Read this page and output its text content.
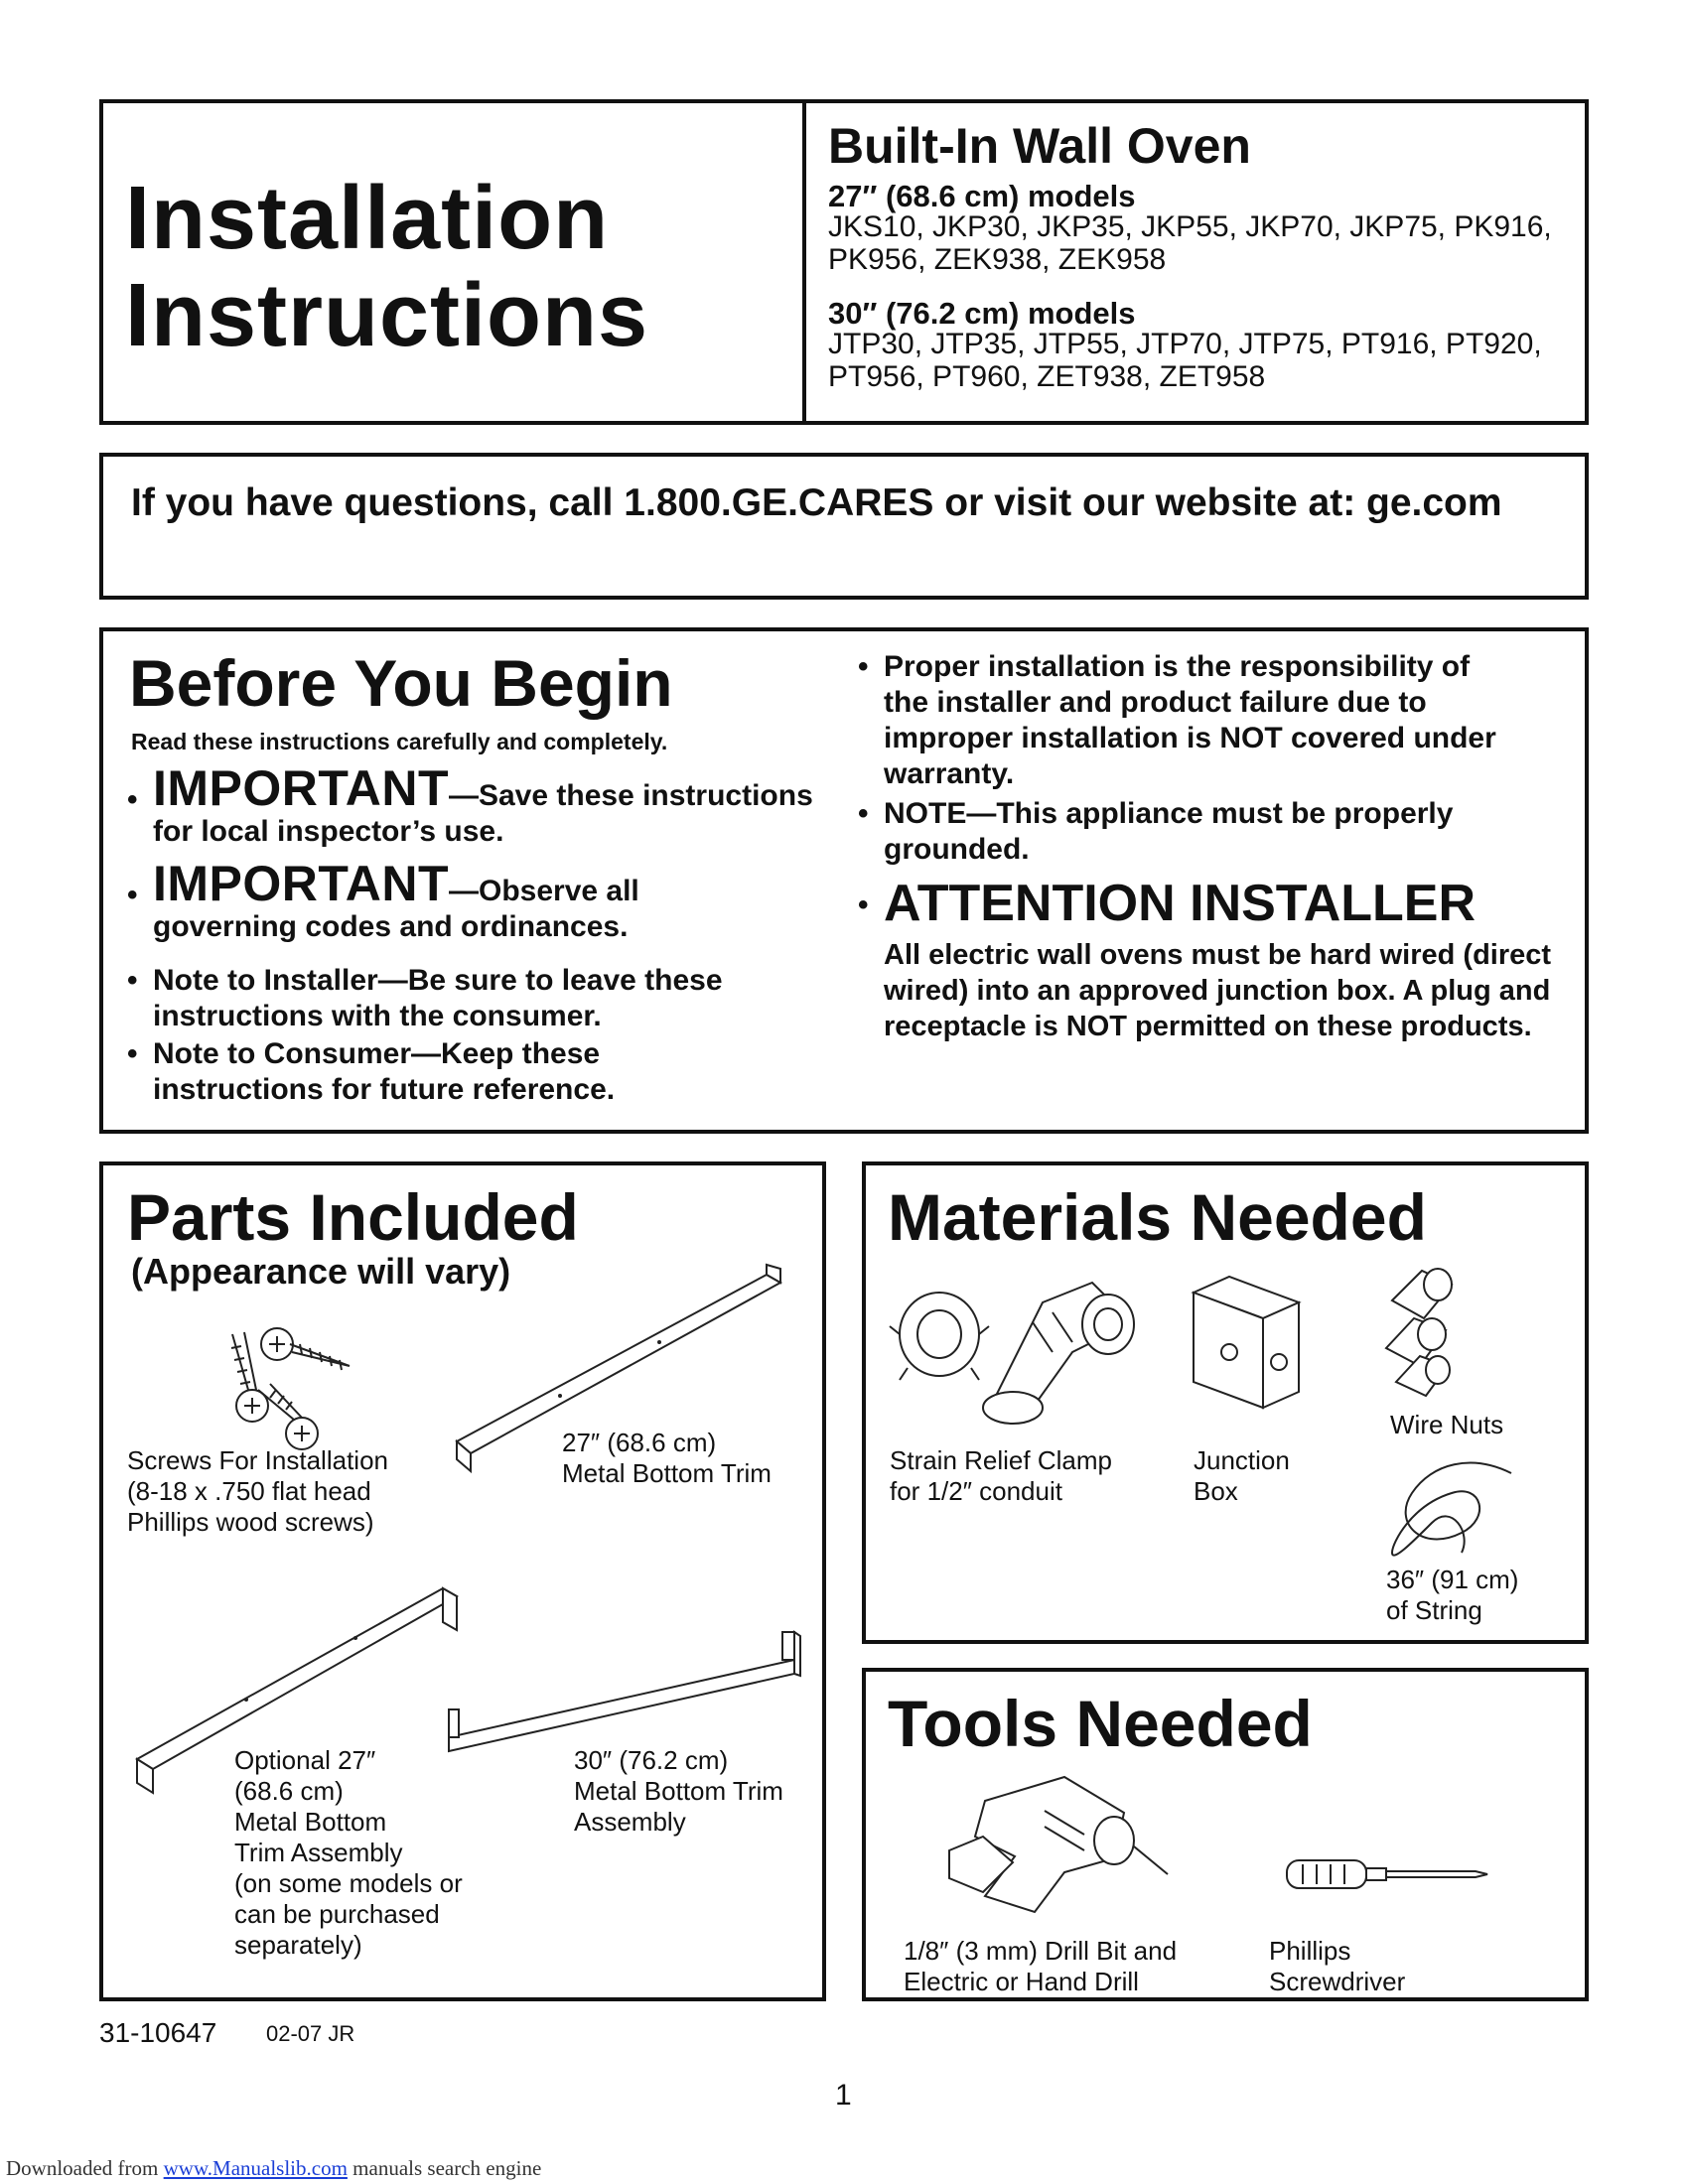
Installation
Instructions
Built-In Wall Oven
27″ (68.6 cm) models
JKS10, JKP30, JKP35, JKP55, JKP70, JKP75, PK916, PK956, ZEK938, ZEK958
30″ (76.2 cm) models
JTP30, JTP35, JTP55, JTP70, JTP75, PT916, PT920, PT956, PT960, ZET938, ZET958
If you have questions, call 1.800.GE.CARES or visit our website at: ge.com
Before You Begin
Read these instructions carefully and completely.
• IMPORTANT—Save these instructions for local inspector’s use.
• IMPORTANT—Observe all governing codes and ordinances.
• Note to Installer—Be sure to leave these instructions with the consumer.
• Note to Consumer—Keep these instructions for future reference.
• Proper installation is the responsibility of the installer and product failure due to improper installation is NOT covered under warranty.
• NOTE—This appliance must be properly grounded.
• ATTENTION INSTALLER
All electric wall ovens must be hard wired (direct wired) into an approved junction box. A plug and receptacle is NOT permitted on these products.
Parts Included
(Appearance will vary)
Screws For Installation
(8-18 x .750 flat head
Phillips wood screws)
27″ (68.6 cm)
Metal Bottom Trim
Optional 27″
(68.6 cm)
Metal Bottom
Trim Assembly
(on some models or
can be purchased
separately)
30″ (76.2 cm)
Metal Bottom Trim
Assembly
Materials Needed
Strain Relief Clamp
for 1/2″ conduit
Junction
Box
Wire Nuts
36″ (91 cm)
of String
Tools Needed
1/8″ (3 mm) Drill Bit and
Electric or Hand Drill
Phillips
Screwdriver
31-10647 02-07 JR
1
Downloaded from www.Manualslib.com manuals search engine
